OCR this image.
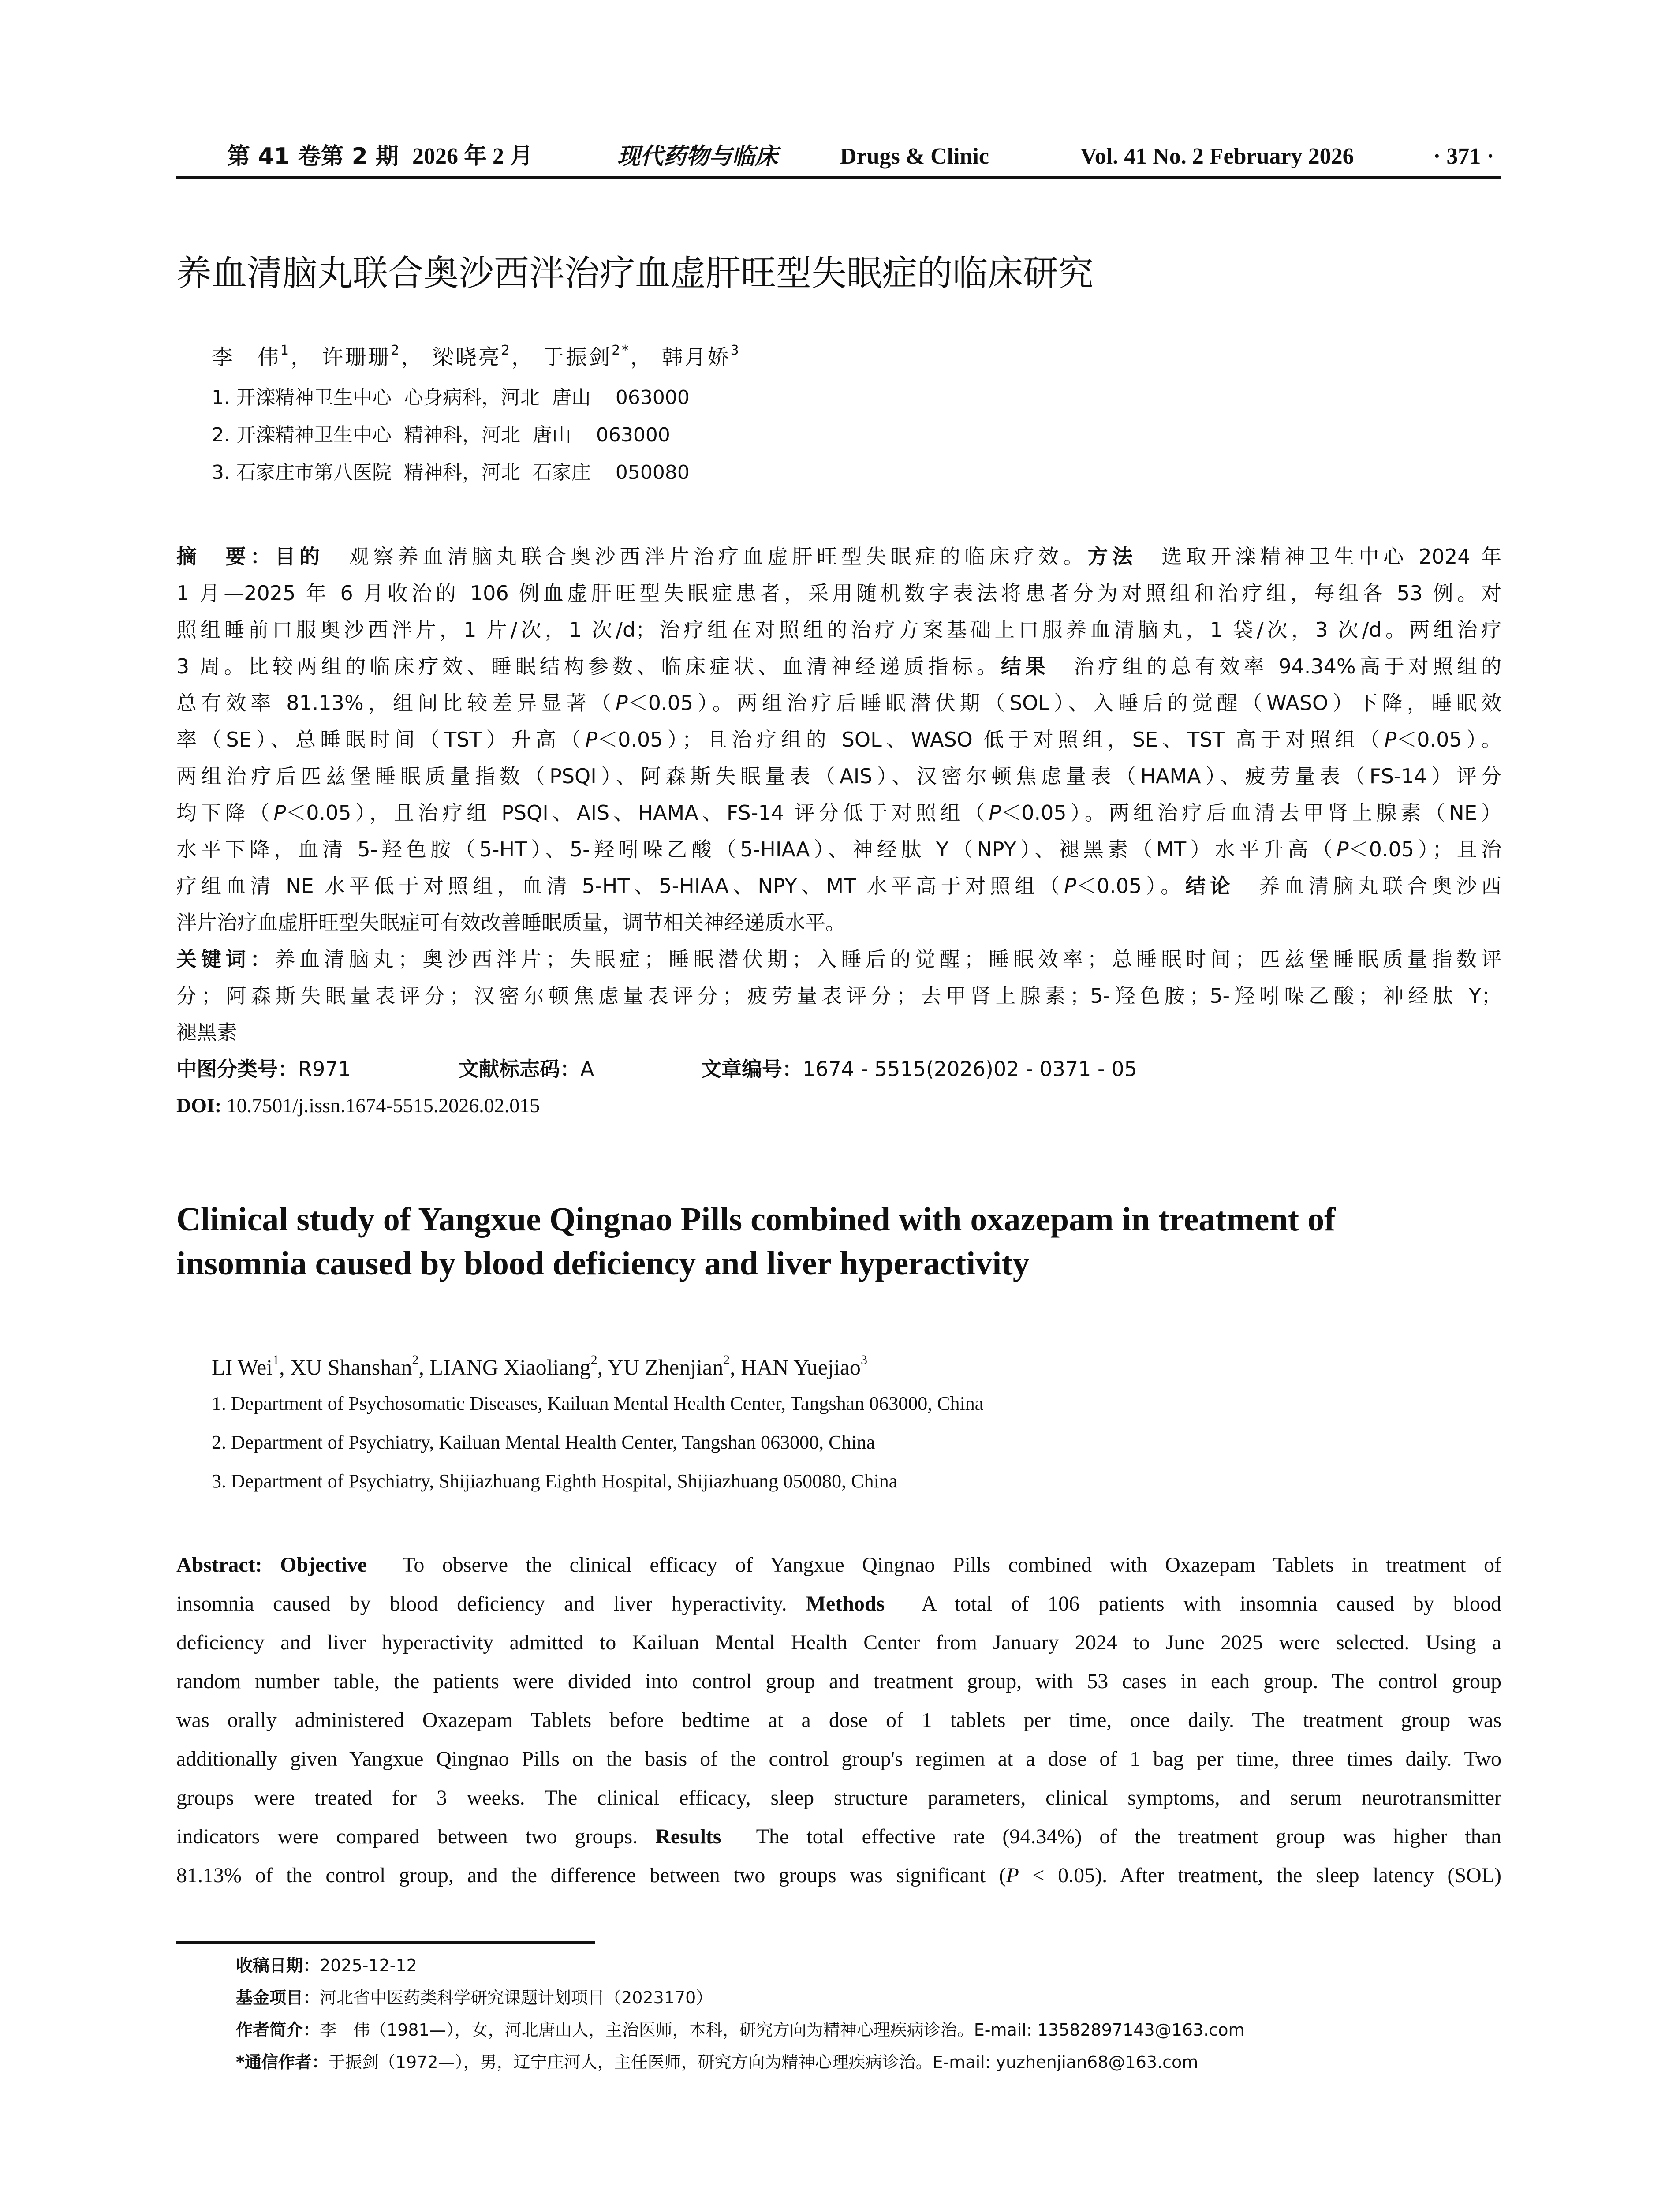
第 41 卷第 2 期 2026 年 2 月	现代药物与临床	Drugs & Clinic	Vol. 41 No. 2 February 2026	· 371 ·
养血清脑丸联合奥沙西泮治疗血虚肝旺型失眠症的临床研究
李　伟$^1$， 许珊珊$^2$， 梁晓亮$^2$， 于振剑$^{2*}$， 韩月娇$^3$
1. 开滦精神卫生中心  心身病科，河北  唐山    063000
2. 开滦精神卫生中心  精神科，河北  唐山    063000
3. 石家庄市第八医院  精神科，河北  石家庄    050080
摘　要：目的　观察养血清脑丸联合奥沙西泮片治疗血虚肝旺型失眠症的临床疗效。方法　选取开滦精神卫生中心 2024 年
1 月—2025 年 6 月收治的 106 例血虚肝旺型失眠症患者，采用随机数字表法将患者分为对照组和治疗组，每组各 53 例。对
照组睡前口服奥沙西泮片，1 片/次，1 次/d；治疗组在对照组的治疗方案基础上口服养血清脑丸，1 袋/次，3 次/d。两组治疗
3 周。比较两组的临床疗效、睡眠结构参数、临床症状、血清神经递质指标。结果　治疗组的总有效率 94.34%高于对照组的
总有效率 81.13%，组间比较差异显著（P＜0.05）。两组治疗后睡眠潜伏期（SOL）、入睡后的觉醒（WASO）下降，睡眠效
率（SE）、总睡眠时间（TST）升高（P＜0.05）；且治疗组的 SOL、WASO 低于对照组，SE、TST 高于对照组（P＜0.05）。
两组治疗后匹兹堡睡眠质量指数（PSQI）、阿森斯失眠量表（AIS）、汉密尔顿焦虑量表（HAMA）、疲劳量表（FS-14）评分
均下降（P＜0.05），且治疗组 PSQI、AIS、HAMA、FS-14 评分低于对照组（P＜0.05）。两组治疗后血清去甲肾上腺素（NE）
水平下降，血清 5-羟色胺（5-HT）、5-羟吲哚乙酸（5-HIAA）、神经肽 Y（NPY）、褪黑素（MT）水平升高（P＜0.05）；且治
疗组血清 NE 水平低于对照组，血清 5-HT、5-HIAA、NPY、MT 水平高于对照组（P＜0.05）。结论　养血清脑丸联合奥沙西
泮片治疗血虚肝旺型失眠症可有效改善睡眠质量，调节相关神经递质水平。
关键词：养血清脑丸；奥沙西泮片；失眠症；睡眠潜伏期；入睡后的觉醒；睡眠效率；总睡眠时间；匹兹堡睡眠质量指数评
分；阿森斯失眠量表评分；汉密尔顿焦虑量表评分；疲劳量表评分；去甲肾上腺素；5-羟色胺；5-羟吲哚乙酸；神经肽 Y；
褪黑素
中图分类号：R971	文献标志码：A	文章编号：1674 - 5515(2026)02 - 0371 - 05
DOI: 10.7501/j.issn.1674-5515.2026.02.015
Clinical study of Yangxue Qingnao Pills combined with oxazepam in treatment of
insomnia caused by blood deficiency and liver hyperactivity
LI Wei$^1$, XU Shanshan$^2$, LIANG Xiaoliang$^2$, YU Zhenjian$^2$, HAN Yuejiao$^3$
1. Department of Psychosomatic Diseases, Kailuan Mental Health Center, Tangshan 063000, China
2. Department of Psychiatry, Kailuan Mental Health Center, Tangshan 063000, China
3. Department of Psychiatry, Shijiazhuang Eighth Hospital, Shijiazhuang 050080, China
Abstract: Objective  To observe the clinical efficacy of Yangxue Qingnao Pills combined with Oxazepam Tablets in treatment of
insomnia caused by blood deficiency and liver hyperactivity. Methods  A total of 106 patients with insomnia caused by blood
deficiency and liver hyperactivity admitted to Kailuan Mental Health Center from January 2024 to June 2025 were selected. Using a
random number table, the patients were divided into control group and treatment group, with 53 cases in each group. The control group
was orally administered Oxazepam Tablets before bedtime at a dose of 1 tablets per time, once daily. The treatment group was
additionally given Yangxue Qingnao Pills on the basis of the control group's regimen at a dose of 1 bag per time, three times daily. Two
groups were treated for 3 weeks. The clinical efficacy, sleep structure parameters, clinical symptoms, and serum neurotransmitter
indicators were compared between two groups. Results  The total effective rate (94.34%) of the treatment group was higher than
81.13% of the control group, and the difference between two groups was significant (P < 0.05). After treatment, the sleep latency (SOL)
收稿日期：2025-12-12
基金项目：河北省中医药类科学研究课题计划项目（2023170）
作者简介：李　伟（1981—），女，河北唐山人，主治医师，本科，研究方向为精神心理疾病诊治。E-mail: 13582897143@163.com
*通信作者：于振剑（1972—），男，辽宁庄河人，主任医师，研究方向为精神心理疾病诊治。E-mail: yuzhenjian68@163.com
